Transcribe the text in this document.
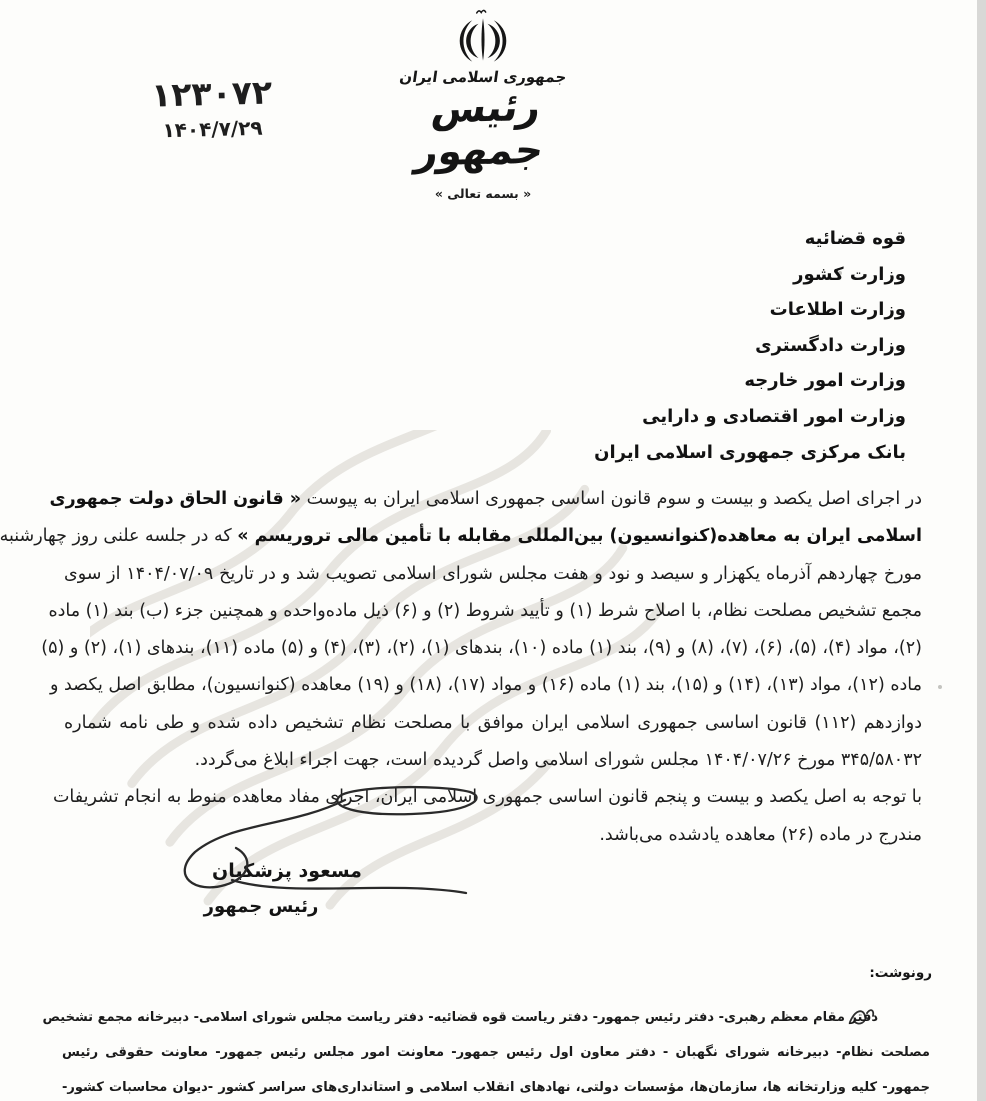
جمهوری اسلامی ایران
رئیس جمهور
« بسمه تعالی »
۱۲۳۰۷۲
۱۴۰۴/۷/۲۹
قوه قضائیه
وزارت کشور
وزارت اطلاعات
وزارت دادگستری
وزارت امور خارجه
وزارت امور اقتصادی و دارایی
بانک مرکزی جمهوری اسلامی ایران
در اجرای اصل یکصد و بیست و سوم قانون اساسی جمهوری اسلامی ایران به پیوست « قانون الحاق دولت جمهوری
اسلامی ایران به معاهده(کنوانسیون) بین‌المللی مقابله با تأمین مالی تروریسم » که در جلسه علنی روز چهارشنبه
مورخ چهاردهم آذرماه یکهزار و سیصد و نود و هفت مجلس شورای اسلامی تصویب شد و در تاریخ ۱۴۰۴/۰۷/۰۹ از سوی
مجمع تشخیص مصلحت نظام، با اصلاح شرط (۱) و تأیید شروط (۲) و (۶) ذیل ماده‌واحده و همچنین جزء (ب) بند (۱) ماده
(۲)، مواد (۴)، (۵)، (۶)، (۷)، (۸) و (۹)، بند (۱) ماده (۱۰)، بندهای (۱)، (۲)، (۳)، (۴) و (۵) ماده (۱۱)، بندهای (۱)، (۲) و (۵)
ماده (۱۲)، مواد (۱۳)، (۱۴) و (۱۵)، بند (۱) ماده (۱۶) و مواد (۱۷)، (۱۸) و (۱۹) معاهده (کنوانسیون)، مطابق اصل یکصد و
دوازدهم (۱۱۲) قانون اساسی جمهوری اسلامی ایران موافق با مصلحت نظام تشخیص داده شده و طی نامه شماره
۳۴۵/۵۸۰۳۲ مورخ ۱۴۰۴/۰۷/۲۶ مجلس شورای اسلامی واصل گردیده است، جهت اجراء ابلاغ می‌گردد.
با توجه به اصل یکصد و بیست و پنجم قانون اساسی جمهوری اسلامی ایران، اجرای مفاد معاهده منوط به انجام تشریفات
مندرج در ماده (۲۶) معاهده یادشده می‌باشد.
مسعود پزشکیان
رئیس جمهور
رونوشت:
دفتر مقام معظم رهبری- دفتر رئیس جمهور- دفتر ریاست قوه قضائیه- دفتر ریاست مجلس شورای اسلامی- دبیرخانه مجمع تشخیص
مصلحت نظام- دبیرخانه شورای نگهبان - دفتر معاون اول رئیس جمهور- معاونت امور مجلس رئیس جمهور- معاونت حقوقی رئیس
جمهور- کلیه وزارتخانه ها، سازمان‌ها، مؤسسات دولتی، نهادهای انقلاب اسلامی و استانداری‌های سراسر کشور -دیوان محاسبات کشور-
